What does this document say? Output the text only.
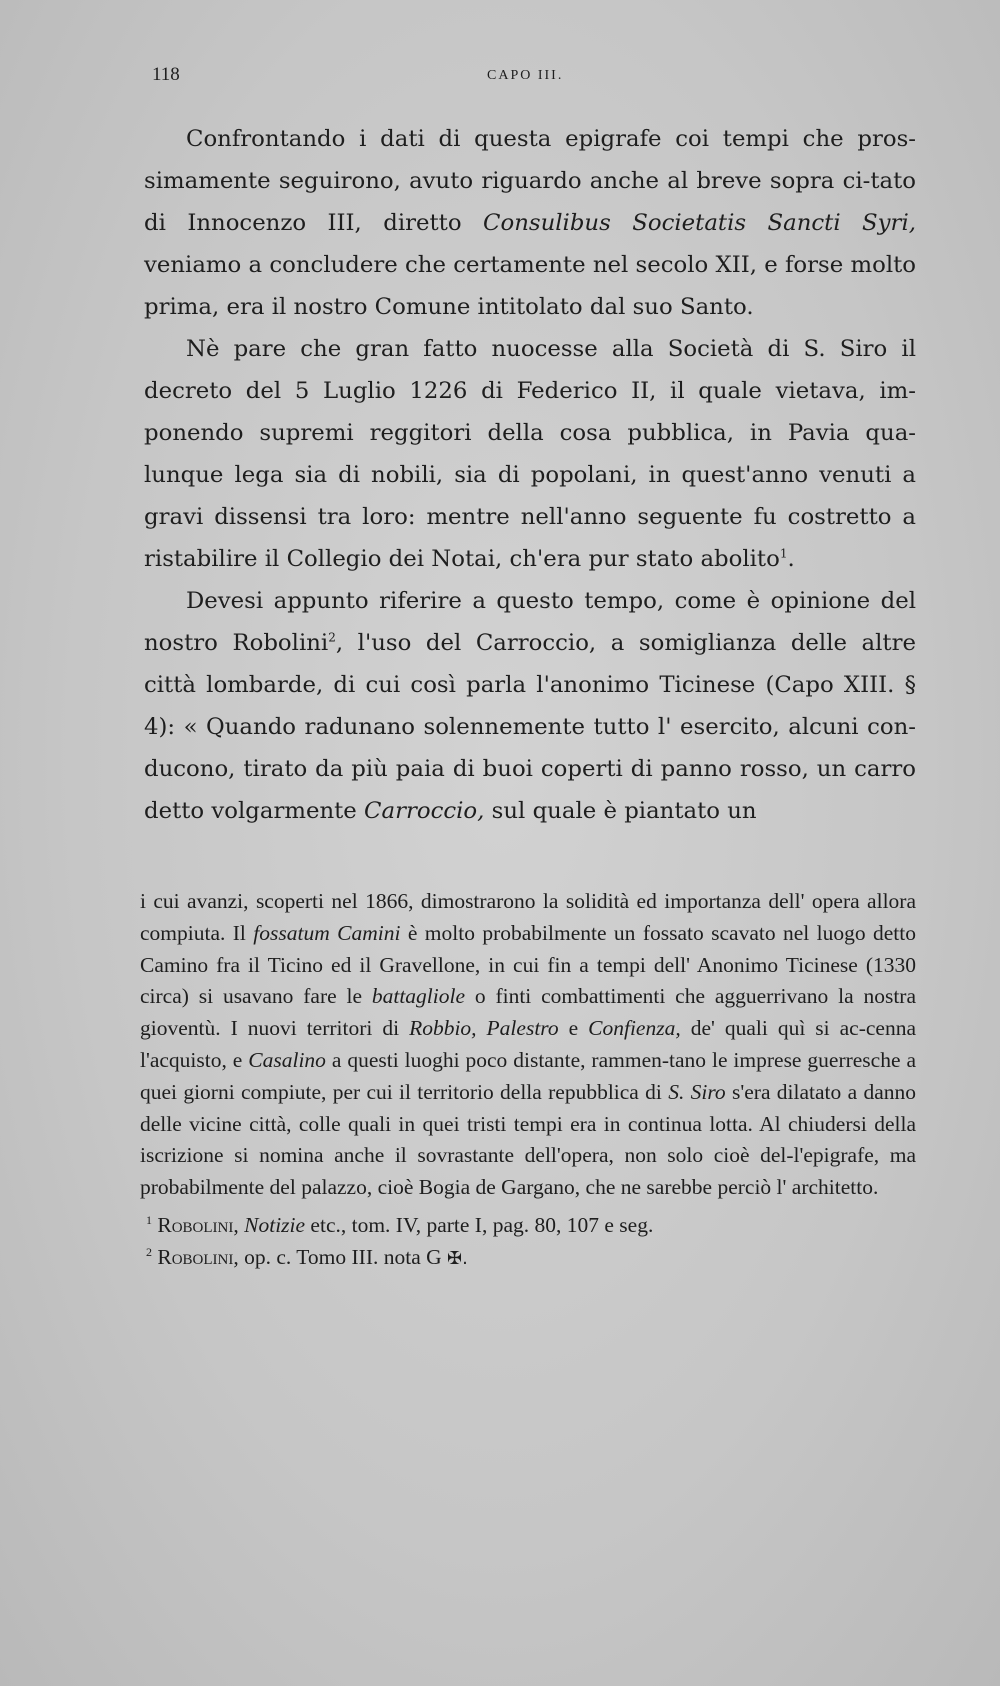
118	CAPO III.

Confrontando i dati di questa epigrafe coi tempi che pros-simamente seguirono, avuto riguardo anche al breve sopra ci-tato di Innocenzo III, diretto Consulibus Societatis Sancti Syri, veniamo a concludere che certamente nel secolo XII, e forse molto prima, era il nostro Comune intitolato dal suo Santo.

Nè pare che gran fatto nuocesse alla Società di S. Siro il decreto del 5 Luglio 1226 di Federico II, il quale vietava, im-ponendo supremi reggitori della cosa pubblica, in Pavia qua-lunque lega sia di nobili, sia di popolani, in quest'anno venuti a gravi dissensi tra loro: mentre nell'anno seguente fu costretto a ristabilire il Collegio dei Notai, ch'era pur stato abolito$^1$.

Devesi appunto riferire a questo tempo, come è opinione del nostro Robolini$^2$, l'uso del Carroccio, a somiglianza delle altre città lombarde, di cui così parla l'anonimo Ticinese (Capo XIII. § 4): « Quando radunano solennemente tutto l' esercito, alcuni con-ducono, tirato da più paia di buoi coperti di panno rosso, un carro detto volgarmente Carroccio, sul quale è piantato un

i cui avanzi, scoperti nel 1866, dimostrarono la solidità ed importanza dell' opera allora compiuta. Il fossatum Camini è molto probabilmente un fossato scavato nel luogo detto Camino fra il Ticino ed il Gravellone, in cui fin a tempi dell' Anonimo Ticinese (1330 circa) si usavano fare le battagliole o finti combattimenti che agguerrivano la nostra gioventù. I nuovi territori di Robbio, Palestro e Confienza, de' quali quì si ac-cenna l'acquisto, e Casalino a questi luoghi poco distante, rammen-tano le imprese guerresche a quei giorni compiute, per cui il territorio della repubblica di S. Siro s'era dilatato a danno delle vicine città, colle quali in quei tristi tempi era in continua lotta. Al chiudersi della iscrizione si nomina anche il sovrastante dell'opera, non solo cioè del-l'epigrafe, ma probabilmente del palazzo, cioè Bogia de Gargano, che ne sarebbe perciò l' architetto.

$^1$ Robolini, Notizie etc., tom. IV, parte I, pag. 80, 107 e seg.
$^2$ Robolini, op. c. Tomo III. nota G ✠.
